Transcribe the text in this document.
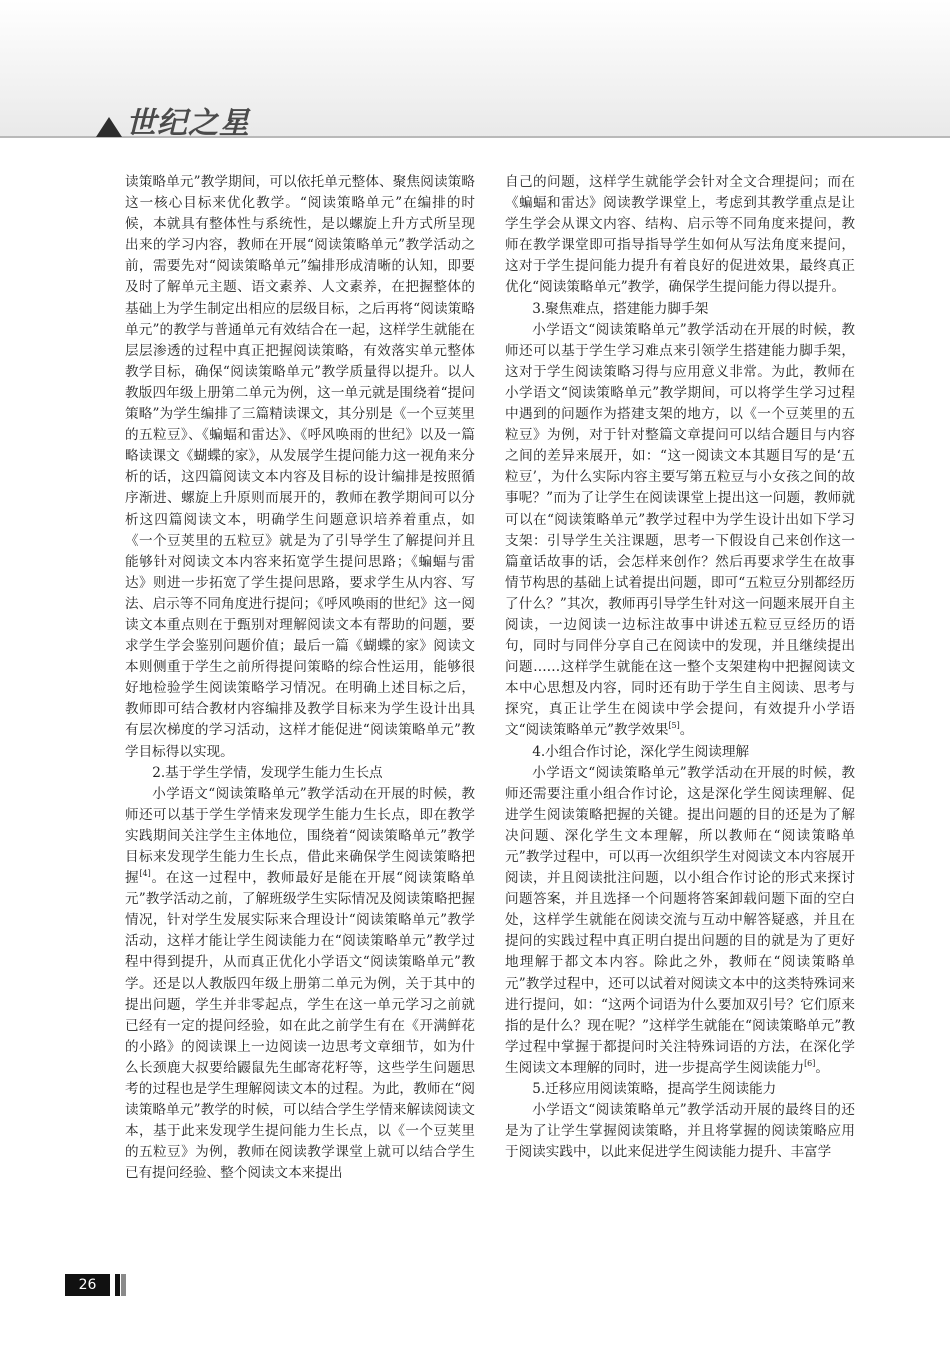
世纪之星

读策略单元”教学期间，可以依托单元整体、聚焦阅读策略这一核心目标来优化教学。“阅读策略单元”在编排的时候，本就具有整体性与系统性，是以螺旋上升方式所呈现出来的学习内容，教师在开展“阅读策略单元”教学活动之前，需要先对“阅读策略单元”编排形成清晰的认知，即要及时了解单元主题、语文素养、人文素养，在把握整体的基础上为学生制定出相应的层级目标，之后再将“阅读策略单元”的教学与普通单元有效结合在一起，这样学生就能在层层渗透的过程中真正把握阅读策略，有效落实单元整体教学目标，确保“阅读策略单元”教学质量得以提升。以人教版四年级上册第二单元为例，这一单元就是围绕着“提问策略”为学生编排了三篇精读课文，其分别是《一个豆荚里的五粒豆》、《蝙蝠和雷达》、《呼风唤雨的世纪》以及一篇略读课文《蝴蝶的家》，从发展学生提问能力这一视角来分析的话，这四篇阅读文本内容及目标的设计编排是按照循序渐进、螺旋上升原则而展开的，教师在教学期间可以分析这四篇阅读文本，明确学生问题意识培养着重点，如《一个豆荚里的五粒豆》就是为了引导学生了解提问并且能够针对阅读文本内容来拓宽学生提问思路；《蝙蝠与雷达》则进一步拓宽了学生提问思路，要求学生从内容、写法、启示等不同角度进行提问；《呼风唤雨的世纪》这一阅读文本重点则在于甄别对理解阅读文本有帮助的问题，要求学生学会鉴别问题价值；最后一篇《蝴蝶的家》阅读文本则侧重于学生之前所得提问策略的综合性运用，能够很好地检验学生阅读策略学习情况。在明确上述目标之后，教师即可结合教材内容编排及教学目标来为学生设计出具有层次梯度的学习活动，这样才能促进“阅读策略单元”教学目标得以实现。

2.基于学生学情，发现学生能力生长点

小学语文“阅读策略单元”教学活动在开展的时候，教师还可以基于学生学情来发现学生能力生长点，即在教学实践期间关注学生主体地位，围绕着“阅读策略单元”教学目标来发现学生能力生长点，借此来确保学生阅读策略把握[4]。在这一过程中，教师最好是能在开展“阅读策略单元”教学活动之前，了解班级学生实际情况及阅读策略把握情况，针对学生发展实际来合理设计“阅读策略单元”教学活动，这样才能让学生阅读能力在“阅读策略单元”教学过程中得到提升，从而真正优化小学语文“阅读策略单元”教学。还是以人教版四年级上册第二单元为例，关于其中的提出问题，学生并非零起点，学生在这一单元学习之前就已经有一定的提问经验，如在此之前学生有在《开满鲜花的小路》的阅读课上一边阅读一边思考文章细节，如为什么长颈鹿大叔要给鼹鼠先生邮寄花籽等，这些学生问题思考的过程也是学生理解阅读文本的过程。为此，教师在“阅读策略单元”教学的时候，可以结合学生学情来解读阅读文本，基于此来发现学生提问能力生长点，以《一个豆荚里的五粒豆》为例，教师在阅读教学课堂上就可以结合学生已有提问经验、整个阅读文本来提出

自己的问题，这样学生就能学会针对全文合理提问；而在《蝙蝠和雷达》阅读教学课堂上，考虑到其教学重点是让学生学会从课文内容、结构、启示等不同角度来提问，教师在教学课堂即可指导指导学生如何从写法角度来提问，这对于学生提问能力提升有着良好的促进效果，最终真正优化“阅读策略单元”教学，确保学生提问能力得以提升。

3.聚焦难点，搭建能力脚手架

小学语文“阅读策略单元”教学活动在开展的时候，教师还可以基于学生学习难点来引领学生搭建能力脚手架，这对于学生阅读策略习得与应用意义非常。为此，教师在小学语文“阅读策略单元”教学期间，可以将学生学习过程中遇到的问题作为搭建支架的地方，以《一个豆荚里的五粒豆》为例，对于针对整篇文章提问可以结合题目与内容之间的差异来展开，如：“这一阅读文本其题目写的是‘五粒豆’，为什么实际内容主要写第五粒豆与小女孩之间的故事呢？”而为了让学生在阅读课堂上提出这一问题，教师就可以在“阅读策略单元”教学过程中为学生设计出如下学习支架：引导学生关注课题，思考一下假设自己来创作这一篇童话故事的话，会怎样来创作？然后再要求学生在故事情节构思的基础上试着提出问题，即可“五粒豆分别都经历了什么？”其次，教师再引导学生针对这一问题来展开自主阅读，一边阅读一边标注故事中讲述五粒豆豆经历的语句，同时与同伴分享自己在阅读中的发现，并且继续提出问题……这样学生就能在这一整个支架建构中把握阅读文本中心思想及内容，同时还有助于学生自主阅读、思考与探究，真正让学生在阅读中学会提问，有效提升小学语文“阅读策略单元”教学效果[5]。

4.小组合作讨论，深化学生阅读理解

小学语文“阅读策略单元”教学活动在开展的时候，教师还需要注重小组合作讨论，这是深化学生阅读理解、促进学生阅读策略把握的关键。提出问题的目的还是为了解决问题、深化学生文本理解，所以教师在“阅读策略单元”教学过程中，可以再一次组织学生对阅读文本内容展开阅读，并且阅读批注问题，以小组合作讨论的形式来探讨问题答案，并且选择一个问题将答案卸载问题下面的空白处，这样学生就能在阅读交流与互动中解答疑惑，并且在提问的实践过程中真正明白提出问题的目的就是为了更好地理解于都文本内容。除此之外，教师在“阅读策略单元”教学过程中，还可以试着对阅读文本中的这类特殊词来进行提问，如：“这两个词语为什么要加双引号？它们原来指的是什么？现在呢？”这样学生就能在“阅读策略单元”教学过程中掌握于都提问时关注特殊词语的方法，在深化学生阅读文本理解的同时，进一步提高学生阅读能力[6]。

5.迁移应用阅读策略，提高学生阅读能力

小学语文“阅读策略单元”教学活动开展的最终目的还是为了让学生掌握阅读策略，并且将掌握的阅读策略应用于阅读实践中，以此来促进学生阅读能力提升、丰富学

26
